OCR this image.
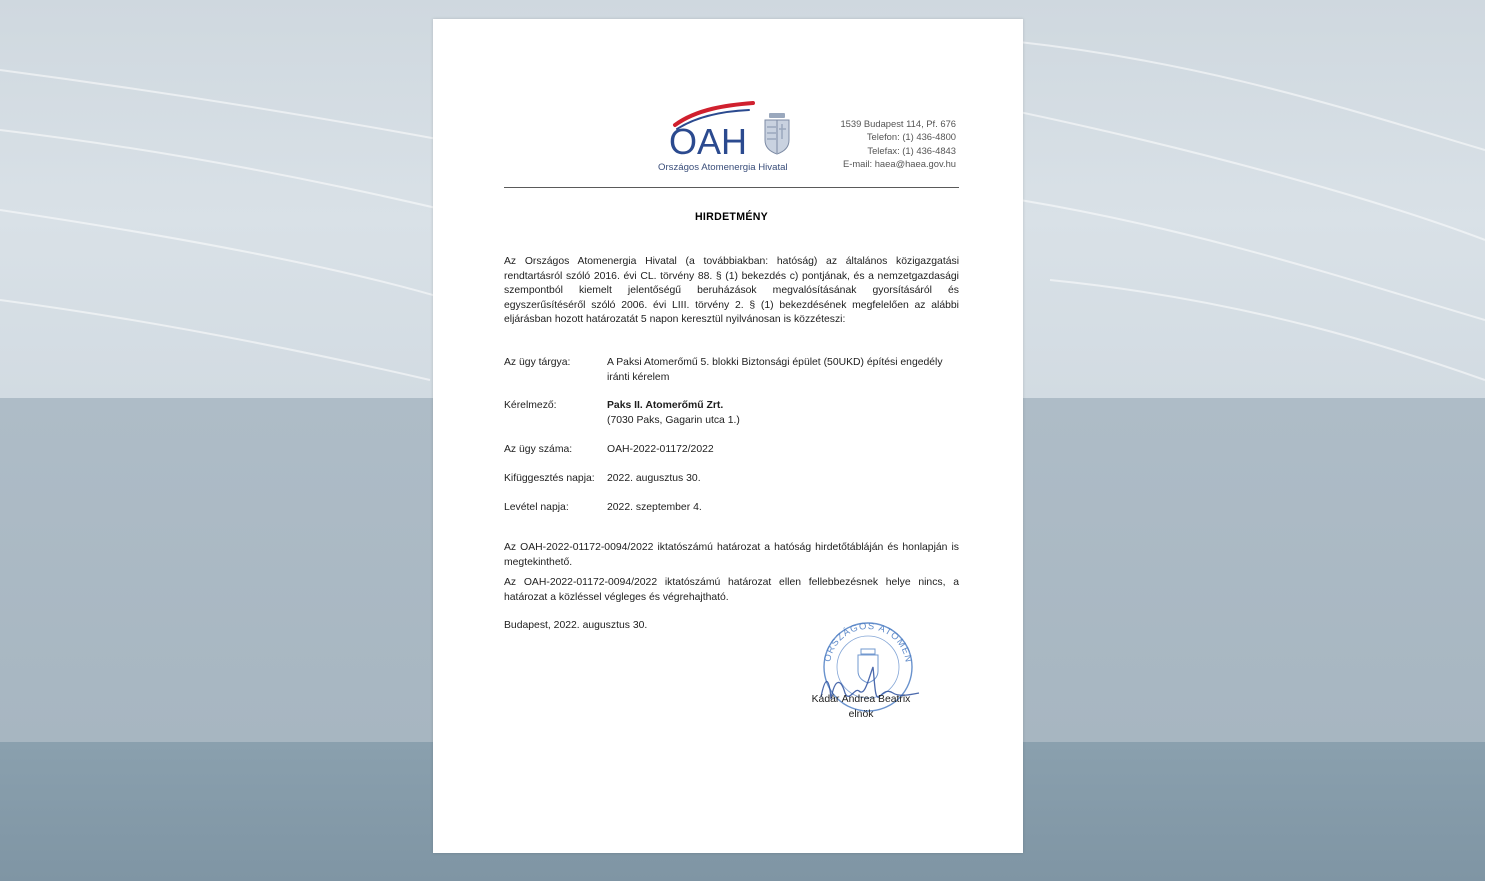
OAH
Országos Atomenergia Hivatal
1539 Budapest 114, Pf. 676
Telefon: (1) 436-4800
Telefax: (1) 436-4843
E-mail: haea@haea.gov.hu
HIRDETMÉNY
Az Országos Atomenergia Hivatal (a továbbiakban: hatóság) az általános közigazgatási rendtartásról szóló 2016. évi CL. törvény 88. § (1) bekezdés c) pontjának, és a nemzetgazdasági szempontból kiemelt jelentőségű beruházások megvalósításának gyorsításáról és egyszerűsítéséről szóló 2006. évi LIII. törvény 2. § (1) bekezdésének megfelelően az alábbi eljárásban hozott határozatát 5 napon keresztül nyilvánosan is közzéteszi:
Az ügy tárgya:	A Paksi Atomerőmű 5. blokki Biztonsági épület (50UKD) építési engedély iránti kérelem
Kérelmező:	Paks II. Atomerőmű Zrt.
(7030 Paks, Gagarin utca 1.)
Az ügy száma:	OAH-2022-01172/2022
Kifüggesztés napja: 2022. augusztus 30.
Levétel napja:	2022. szeptember 4.
Az OAH-2022-01172-0094/2022 iktatószámú határozat a hatóság hirdetőtábláján és honlapján is megtekinthető.
Az OAH-2022-01172-0094/2022 iktatószámú határozat ellen fellebbezésnek helye nincs, a határozat a közléssel végleges és végrehajtható.
Budapest, 2022. augusztus 30.
ORSZÁGOS ATOMEN
Kádár Andrea Beatrix
elnök
